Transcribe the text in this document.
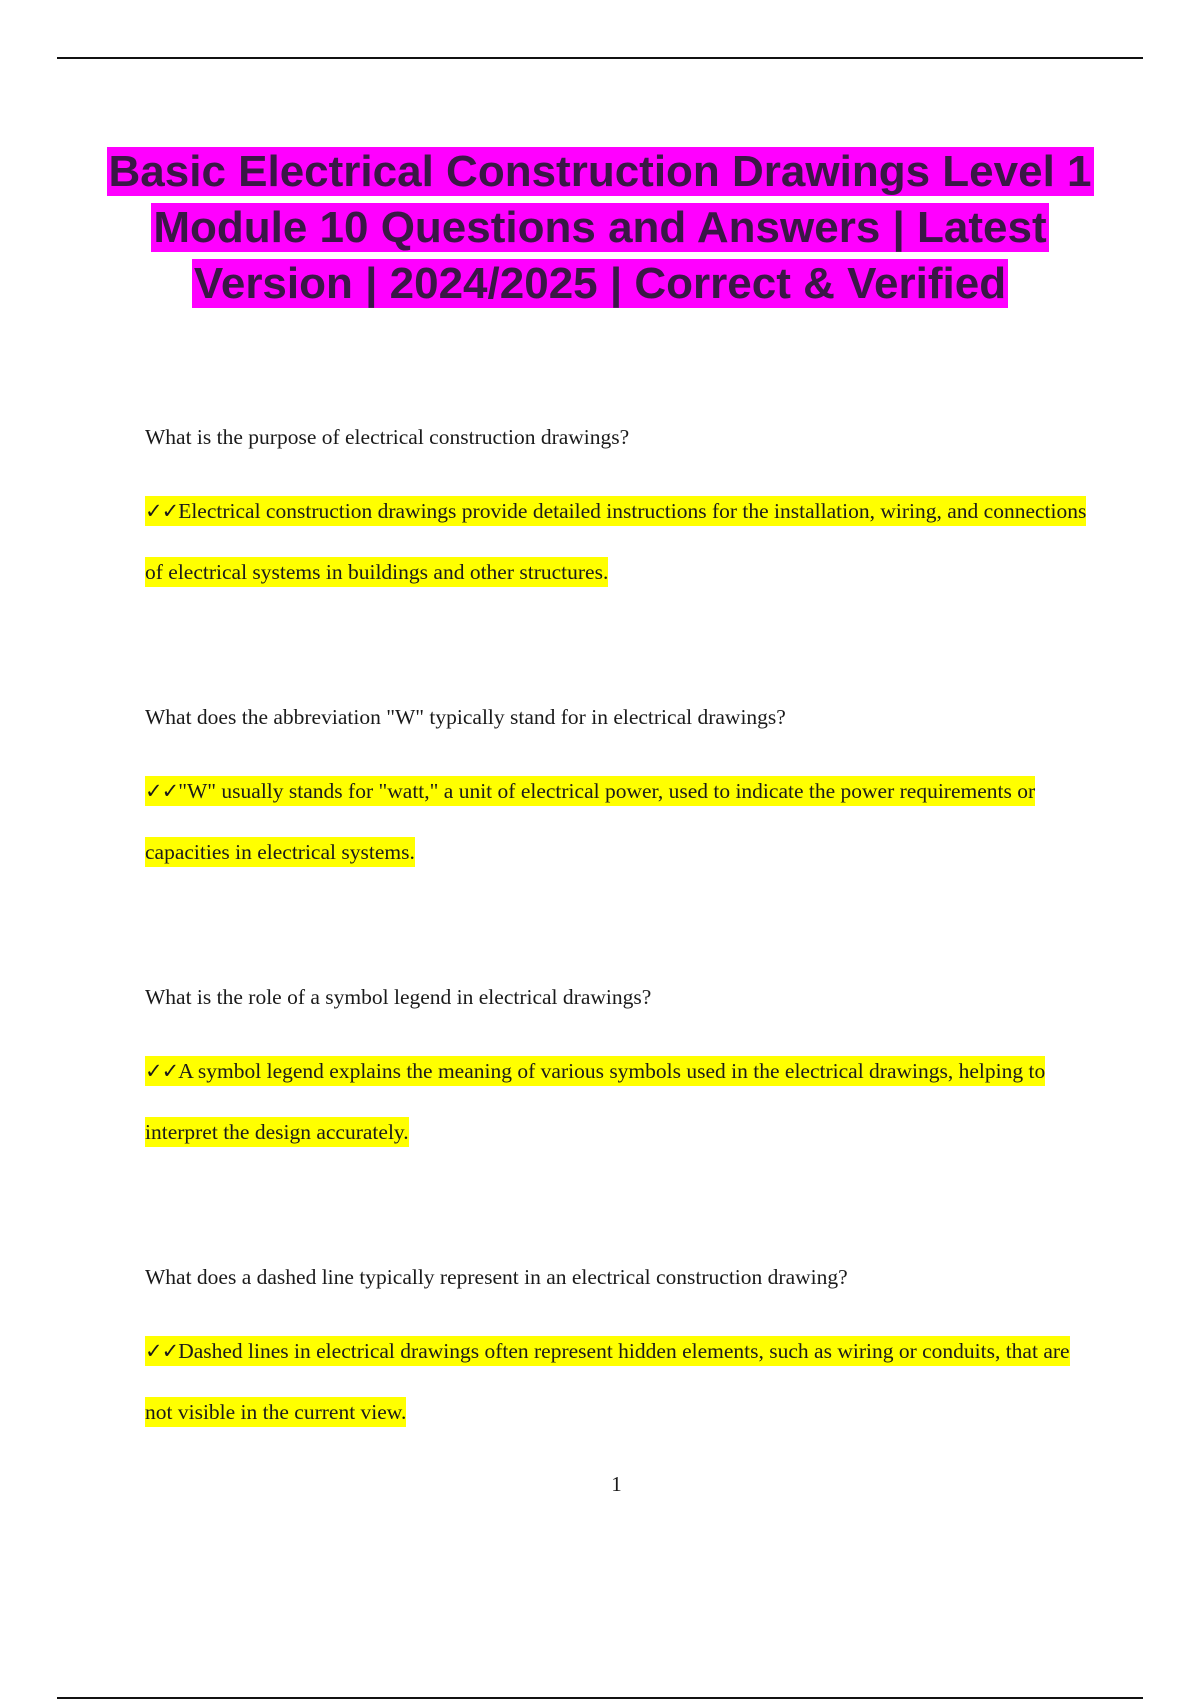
Basic Electrical Construction Drawings Level 1 Module 10 Questions and Answers | Latest Version | 2024/2025 | Correct & Verified

What is the purpose of electrical construction drawings?

✓✓Electrical construction drawings provide detailed instructions for the installation, wiring, and connections of electrical systems in buildings and other structures.

What does the abbreviation "W" typically stand for in electrical drawings?

✓✓"W" usually stands for "watt," a unit of electrical power, used to indicate the power requirements or capacities in electrical systems.

What is the role of a symbol legend in electrical drawings?

✓✓A symbol legend explains the meaning of various symbols used in the electrical drawings, helping to interpret the design accurately.

What does a dashed line typically represent in an electrical construction drawing?

✓✓Dashed lines in electrical drawings often represent hidden elements, such as wiring or conduits, that are not visible in the current view.

1
